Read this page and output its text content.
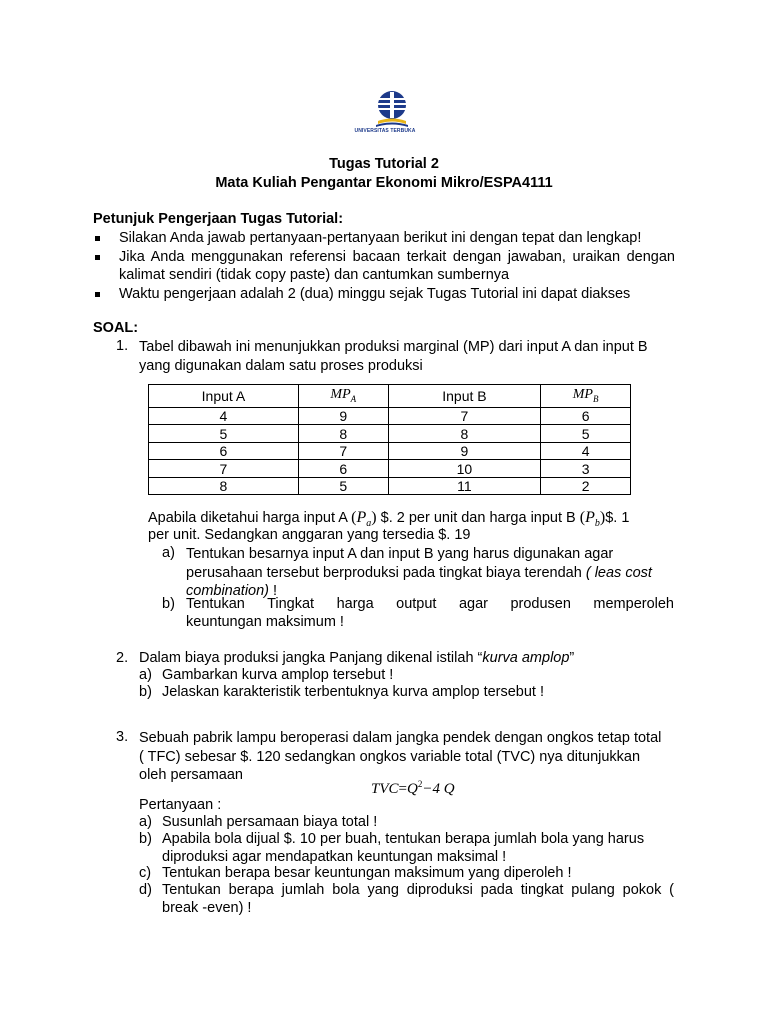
UNIVERSITAS TERBUKA
Tugas Tutorial 2
Mata Kuliah Pengantar Ekonomi Mikro/ESPA4111
Petunjuk Pengerjaan Tugas Tutorial:
Silakan Anda jawab pertanyaan-pertanyaan berikut ini dengan tepat dan lengkap!
Jika Anda menggunakan referensi bacaan terkait dengan jawaban, uraikan dengan kalimat sendiri (tidak copy paste) dan cantumkan sumbernya
Waktu pengerjaan adalah 2 (dua) minggu sejak Tugas Tutorial ini dapat diakses
SOAL:
1. Tabel dibawah ini menunjukkan produksi marginal (MP) dari input A dan input B yang digunakan dalam satu proses produksi
Input A	$MP_A$	Input B	$MP_B$
4	9	7	6
5	8	8	5
6	7	9	4
7	6	10	3
8	5	11	2
Apabila diketahui harga input A $(P_a)$ $. 2 per unit dan harga input B $(P_b)\$$. 1
per unit. Sedangkan anggaran yang tersedia $. 19
a) Tentukan besarnya input A dan input B yang harus digunakan agar perusahaan tersebut berproduksi pada tingkat biaya terendah ( leas cost combination) !
b) Tentukan Tingkat harga output agar produsen memperoleh
keuntungan maksimum !
2. Dalam biaya produksi jangka Panjang dikenal istilah “kurva amplop”
a) Gambarkan kurva amplop tersebut !
b) Jelaskan karakteristik terbentuknya kurva amplop tersebut !
3. Sebuah pabrik lampu beroperasi dalam jangka pendek dengan ongkos tetap total ( TFC) sebesar $. 120 sedangkan ongkos variable total (TVC) nya ditunjukkan oleh persamaan
$TVC=Q^2-4$ Q
Pertanyaan :
a) Susunlah persamaan biaya total !
b) Apabila bola dijual $. 10 per buah, tentukan berapa jumlah bola yang harus diproduksi agar mendapatkan keuntungan maksimal !
c) Tentukan berapa besar keuntungan maksimum yang diperoleh !
d) Tentukan berapa jumlah bola yang diproduksi pada tingkat pulang pokok ( break -even) !
